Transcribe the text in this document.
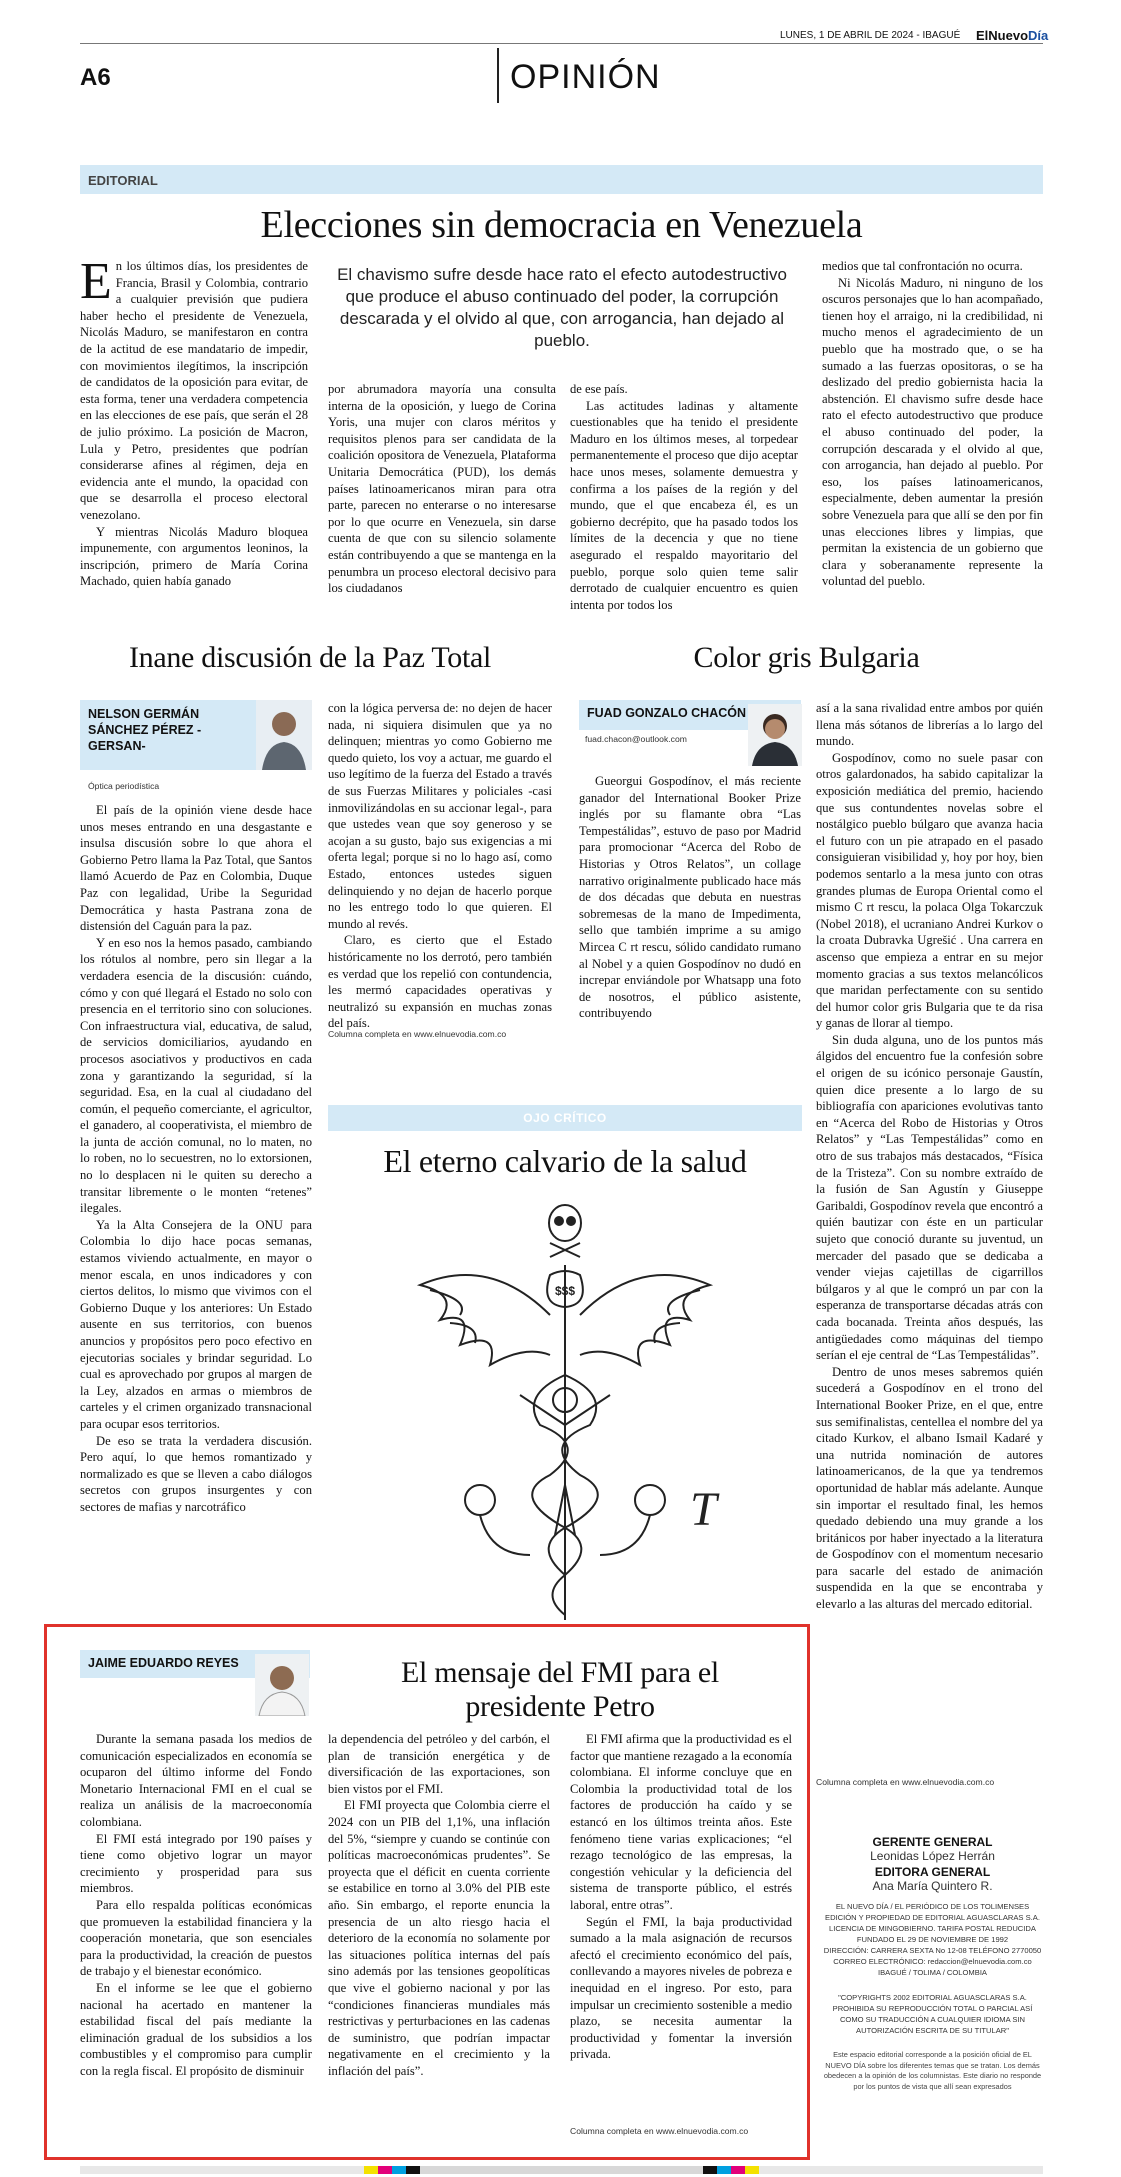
A6	OPINIÓN
LUNES, 1 DE ABRIL DE 2024 - IBAGUÉ ElNuevoDía
EDITORIAL
Elecciones sin democracia en Venezuela

En los últimos días, los presidentes de Francia, Brasil y Colombia, contrario a cualquier previsión que pudiera haber hecho el presidente de Venezuela, Nicolás Maduro, se manifestaron en contra de la actitud de ese mandatario de impedir, con movimientos ilegítimos, la inscripción de candidatos de la oposición para evitar, de esta forma, tener una verdadera competencia en las elecciones de ese país, que serán el 28 de julio próximo. La posición de Macron, Lula y Petro, presidentes que podrían considerarse afines al régimen, deja en evidencia ante el mundo, la opacidad con que se desarrolla el proceso electoral venezolano.

Y mientras Nicolás Maduro bloquea impunemente, con argumentos leoninos, la inscripción, primero de María Corina Machado, quien había ganado

El chavismo sufre desde hace rato el efecto autodestructivo que produce el abuso continuado del poder, la corrupción descarada y el olvido al que, con arrogancia, han dejado al pueblo.

por abrumadora mayoría una consulta interna de la oposición, y luego de Corina Yoris, una mujer con claros méritos y requisitos plenos para ser candidata de la coalición opositora de Venezuela, Plataforma Unitaria Democrática (PUD), los demás países latinoamericanos miran para otra parte, parecen no enterarse o no interesarse por lo que ocurre en Venezuela, sin darse cuenta de que con su silencio solamente están contribuyendo a que se mantenga en la penumbra un proceso electoral decisivo para los ciudadanos

de ese país.

Las actitudes ladinas y altamente cuestionables que ha tenido el presidente Maduro en los últimos meses, al torpedear permanentemente el proceso que dijo aceptar hace unos meses, solamente demuestra y confirma a los países de la región y del mundo, que el que encabeza él, es un gobierno decrépito, que ha pasado todos los límites de la decencia y que no tiene asegurado el respaldo mayoritario del pueblo, porque solo quien teme salir derrotado de cualquier encuentro es quien intenta por todos los

medios que tal confrontación no ocurra.

Ni Nicolás Maduro, ni ninguno de los oscuros personajes que lo han acompañado, tienen hoy el arraigo, ni la credibilidad, ni mucho menos el agradecimiento de un pueblo que ha mostrado que, o se ha sumado a las fuerzas opositoras, o se ha deslizado del predio gobiernista hacia la abstención. El chavismo sufre desde hace rato el efecto autodestructivo que produce el abuso continuado del poder, la corrupción descarada y el olvido al que, con arrogancia, han dejado al pueblo. Por eso, los países latinoamericanos, especialmente, deben aumentar la presión sobre Venezuela para que allí se den por fin unas elecciones libres y limpias, que permitan la existencia de un gobierno que clara y soberanamente represente la voluntad del pueblo.

Inane discusión de la Paz Total
NELSON GERMÁN SÁNCHEZ PÉREZ -GERSAN-
Óptica periodística

El país de la opinión viene desde hace unos meses entrando en una desgastante e insulsa discusión sobre lo que ahora el Gobierno Petro llama la Paz Total, que Santos llamó Acuerdo de Paz en Colombia, Duque Paz con legalidad, Uribe la Seguridad Democrática y hasta Pastrana zona de distensión del Caguán para la paz.

Y en eso nos la hemos pasado, cambiando los rótulos al nombre, pero sin llegar a la verdadera esencia de la discusión: cuándo, cómo y con qué llegará el Estado no solo con presencia en el territorio sino con soluciones. Con infraestructura vial, educativa, de salud, de servicios domiciliarios, ayudando en procesos asociativos y productivos en cada zona y garantizando la seguridad, sí la seguridad. Esa, en la cual al ciudadano del común, el pequeño comerciante, el agricultor, el ganadero, al cooperativista, el miembro de la junta de acción comunal, no lo maten, no lo roben, no lo secuestren, no lo extorsionen, no lo desplacen ni le quiten su derecho a transitar libremente o le monten “retenes” ilegales.

Ya la Alta Consejera de la ONU para Colombia lo dijo hace pocas semanas, estamos viviendo actualmente, en mayor o menor escala, en unos indicadores y con ciertos delitos, lo mismo que vivimos con el Gobierno Duque y los anteriores: Un Estado ausente en sus territorios, con buenos anuncios y propósitos pero poco efectivo en ejecutorias sociales y brindar seguridad. Lo cual es aprovechado por grupos al margen de la Ley, alzados en armas o miembros de carteles y el crimen organizado transnacional para ocupar esos territorios.

De eso se trata la verdadera discusión. Pero aquí, lo que hemos romantizado y normalizado es que se lleven a cabo diálogos secretos con grupos insurgentes y con sectores de mafias y narcotráfico

con la lógica perversa de: no dejen de hacer nada, ni siquiera disimulen que ya no delinquen; mientras yo como Gobierno me quedo quieto, los voy a actuar, me guardo el uso legítimo de la fuerza del Estado a través de sus Fuerzas Militares y policiales -casi inmovilizándolas en su accionar legal-, para que ustedes vean que soy generoso y se acojan a su gusto, bajo sus exigencias a mi oferta legal; porque si no lo hago así, como Estado, entonces ustedes siguen delinquiendo y no dejan de hacerlo porque no les entrego todo lo que quieren. El mundo al revés.

Claro, es cierto que el Estado históricamente no los derrotó, pero también es verdad que los repelió con contundencia, les mermó capacidades operativas y neutralizó su expansión en muchas zonas del país.

Columna completa en www.elnuevodia.com.co
Color gris Bulgaria
FUAD GONZALO CHACÓN
fuad.chacon@outlook.com

Gueorgui Gospodínov, el más reciente ganador del International Booker Prize inglés por su flamante obra “Las Tempestálidas”, estuvo de paso por Madrid para promocionar “Acerca del Robo de Historias y Otros Relatos”, un collage narrativo originalmente publicado hace más de dos décadas que debuta en nuestras sobremesas de la mano de Impedimenta, sello que también imprime a su amigo Mircea C rt rescu, sólido candidato rumano al Nobel y a quien Gospodínov no dudó en increpar enviándole por Whatsapp una foto de nosotros, el público asistente, contribuyendo

así a la sana rivalidad entre ambos por quién llena más sótanos de librerías a lo largo del mundo.

Gospodínov, como no suele pasar con otros galardonados, ha sabido capitalizar la exposición mediática del premio, haciendo que sus contundentes novelas sobre el nostálgico pueblo búlgaro que avanza hacia el futuro con un pie atrapado en el pasado consiguieran visibilidad y, hoy por hoy, bien podemos sentarlo a la mesa junto con otras grandes plumas de Europa Oriental como el mismo C rt rescu, la polaca Olga Tokarczuk (Nobel 2018), el ucraniano Andrei Kurkov o la croata Dubravka Ugrešić . Una carrera en ascenso que empieza a entrar en su mejor momento gracias a sus textos melancólicos que maridan perfectamente con su sentido del humor color gris Bulgaria que te da risa y ganas de llorar al tiempo.

Sin duda alguna, uno de los puntos más álgidos del encuentro fue la confesión sobre el origen de su icónico personaje Gaustín, quien dice presente a lo largo de su bibliografía con apariciones evolutivas tanto en “Acerca del Robo de Historias y Otros Relatos” y “Las Tempestálidas” como en otro de sus trabajos más destacados, “Física de la Tristeza”. Con su nombre extraído de la fusión de San Agustín y Giuseppe Garibaldi, Gospodínov revela que encontró a quién bautizar con éste en un particular sujeto que conoció durante su juventud, un mercader del pasado que se dedicaba a vender viejas cajetillas de cigarrillos búlgaros y al que le compró un par con la esperanza de transportarse décadas atrás con cada bocanada. Treinta años después, las antigüedades como máquinas del tiempo serían el eje central de “Las Tempestálidas”.

Dentro de unos meses sabremos quién sucederá a Gospodínov en el trono del International Booker Prize, en el que, entre sus semifinalistas, centellea el nombre del ya citado Kurkov, el albano Ismail Kadaré y una nutrida nominación de autores latinoamericanos, de la que ya tendremos oportunidad de hablar más adelante. Aunque sin importar el resultado final, les hemos quedado debiendo una muy grande a los británicos por haber inyectado a la literatura de Gospodínov con el momentum necesario para sacarle del estado de animación suspendida en la que se encontraba y elevarlo a las alturas del mercado editorial.

Columna completa en www.elnuevodia.com.co
OJO CRÍTICO
El eterno calvario de la salud
$$$
T
JAIME EDUARDO REYES	El mensaje del FMI para el presidente Petro

Durante la semana pasada los medios de comunicación especializados en economía se ocuparon del último informe del Fondo Monetario Internacional FMI en el cual se realiza un análisis de la macroeconomía colombiana.

El FMI está integrado por 190 países y tiene como objetivo lograr un mayor crecimiento y prosperidad para sus miembros.

Para ello respalda políticas económicas que promueven la estabilidad financiera y la cooperación monetaria, que son esenciales para la productividad, la creación de puestos de trabajo y el bienestar económico.

En el informe se lee que el gobierno nacional ha acertado en mantener la estabilidad fiscal del país mediante la eliminación gradual de los subsidios a los combustibles y el compromiso para cumplir con la regla fiscal. El propósito de disminuir

la dependencia del petróleo y del carbón, el plan de transición energética y de diversificación de las exportaciones, son bien vistos por el FMI.

El FMI proyecta que Colombia cierre el 2024 con un PIB del 1,1%, una inflación del 5%, “siempre y cuando se continúe con políticas macroeconómicas prudentes”. Se proyecta que el déficit en cuenta corriente se estabilice en torno al 3.0% del PIB este año. Sin embargo, el reporte enuncia la presencia de un alto riesgo hacia el deterioro de la economía no solamente por las situaciones política internas del país sino además por las tensiones geopolíticas que vive el gobierno nacional y por las “condiciones financieras mundiales más restrictivas y perturbaciones en las cadenas de suministro, que podrían impactar negativamente en el crecimiento y la inflación del país”.

El FMI afirma que la productividad es el factor que mantiene rezagado a la economía colombiana. El informe concluye que en Colombia la productividad total de los factores de producción ha caído y se estancó en los últimos treinta años. Este fenómeno tiene varias explicaciones; “el rezago tecnológico de las empresas, la congestión vehicular y la deficiencia del sistema de transporte público, el estrés laboral, entre otras”.

Según el FMI, la baja productividad sumado a la mala asignación de recursos afectó el crecimiento económico del país, conllevando a mayores niveles de pobreza e inequidad en el ingreso. Por esto, para impulsar un crecimiento sostenible a medio plazo, se necesita aumentar la productividad y fomentar la inversión privada.

Columna completa en www.elnuevodia.com.co
GERENTE GENERAL
Leonidas López Herrán
EDITORA GENERAL
Ana María Quintero R.
EL NUEVO DÍA / EL PERIÓDICO DE LOS TOLIMENSES
EDICIÓN Y PROPIEDAD DE EDITORIAL AGUASCLARAS S.A.
LICENCIA DE MINGOBIERNO. TARIFA POSTAL REDUCIDA
FUNDADO EL 29 DE NOVIEMBRE DE 1992
DIRECCIÓN: CARRERA SEXTA No 12-08 TELÉFONO 2770050
CORREO ELECTRÓNICO: redaccion@elnuevodia.com.co
IBAGUÉ / TOLIMA / COLOMBIA
"COPYRIGHTS 2002 EDITORIAL AGUASCLARAS S.A. PROHIBIDA SU REPRODUCCIÓN TOTAL O PARCIAL ASÍ COMO SU TRADUCCIÓN A CUALQUIER IDIOMA SIN AUTORIZACIÓN ESCRITA DE SU TITULAR"
Este espacio editorial corresponde a la posición oficial de EL NUEVO DÍA sobre los diferentes temas que se tratan. Los demás obedecen a la opinión de los columnistas. Este diario no responde por los puntos de vista que allí sean expresados
